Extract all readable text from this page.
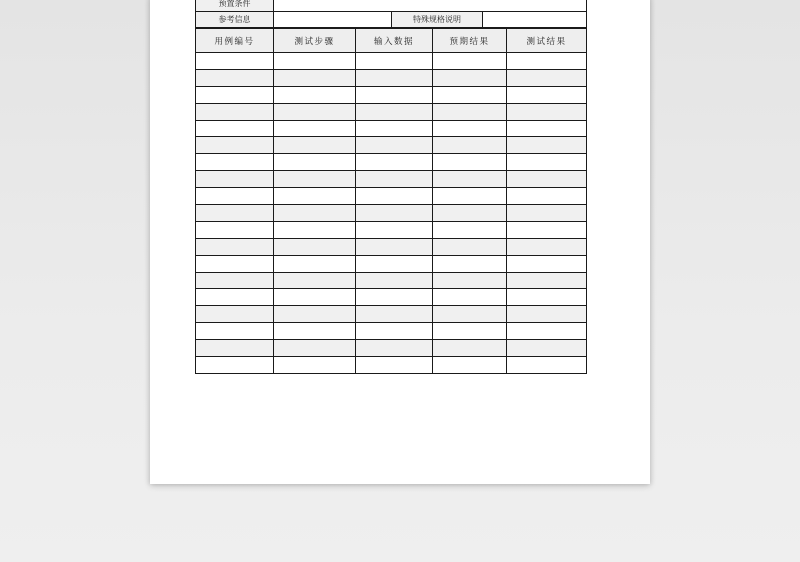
预置条件			
参考信息		特殊规格说明	
用例编号	测试步骤	输入数据	预期结果	测试结果
